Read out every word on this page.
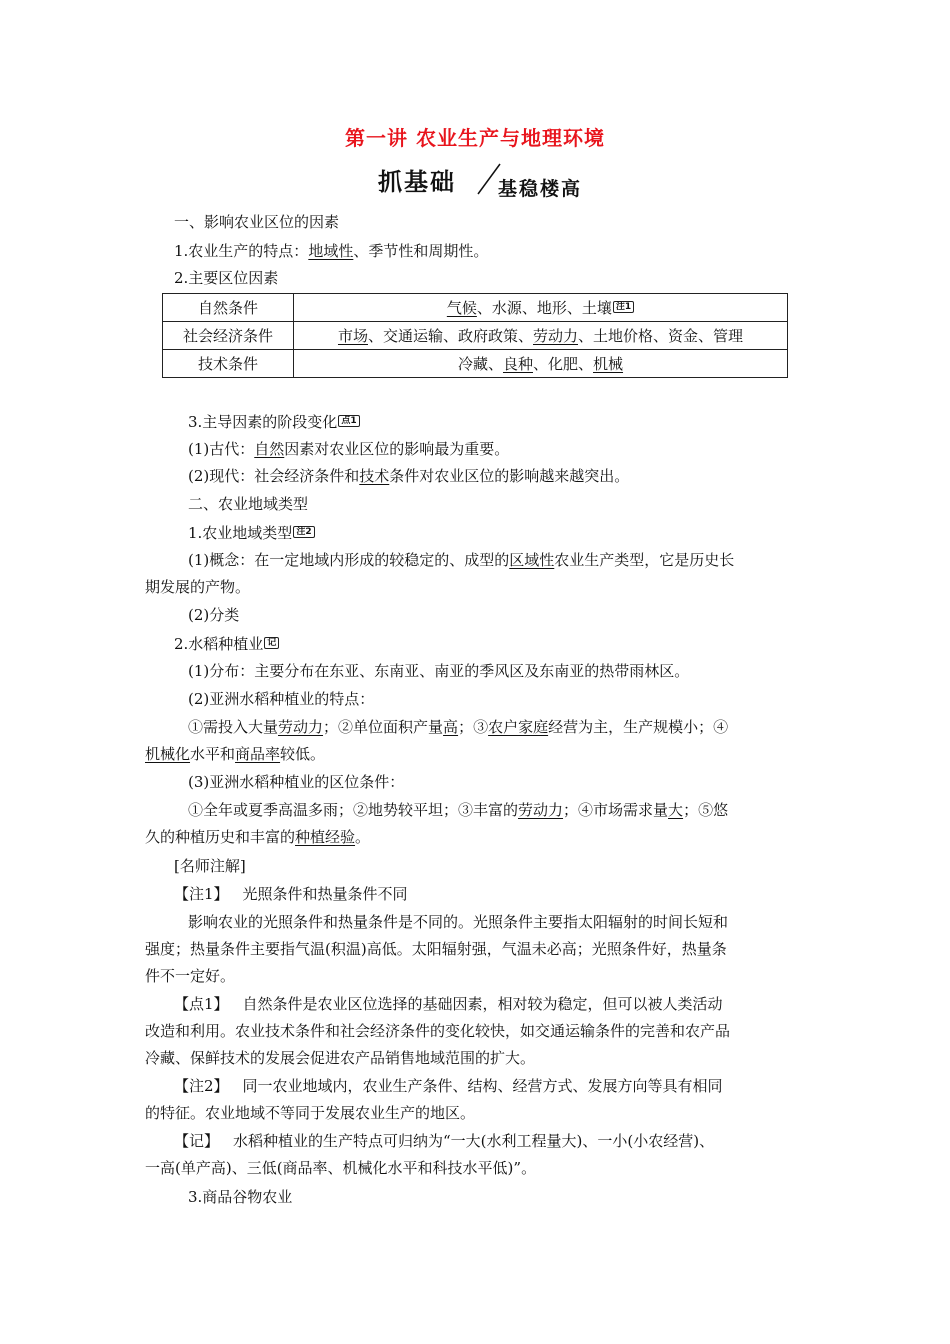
第一讲 农业生产与地理环境
抓基础 基稳楼高
一、影响农业区位的因素
1.农业生产的特点：地域性、季节性和周期性。
2.主要区位因素
自然条件	气候、水源、地形、土壤 $^{注1}$
社会经济条件	市场、交通运输、政府政策、劳动力、土地价格、资金、管理
技术条件	冷藏、良种、化肥、机械
3.主导因素的阶段变化 $^{点1}$
(1)古代：自然因素对农业区位的影响最为重要。
(2)现代：社会经济条件和技术条件对农业区位的影响越来越突出。
二、农业地域类型
1.农业地域类型 $^{注2}$
(1)概念：在一定地域内形成的较稳定的、成型的区域性农业生产类型，它是历史长
期发展的产物。
(2)分类
2.水稻种植业 $^记$
(1)分布：主要分布在东亚、东南亚、南亚的季风区及东南亚的热带雨林区。
(2)亚洲水稻种植业的特点：
①需投入大量劳动力；②单位面积产量高；③农户家庭经营为主，生产规模小；④
机械化水平和商品率较低。
(3)亚洲水稻种植业的区位条件：
①全年或夏季高温多雨；②地势较平坦；③丰富的劳动力；④市场需求量大；⑤悠
久的种植历史和丰富的种植经验。
[名师注解]
【注1】 光照条件和热量条件不同
影响农业的光照条件和热量条件是不同的。光照条件主要指太阳辐射的时间长短和
强度；热量条件主要指气温(积温)高低。太阳辐射强，气温未必高；光照条件好，热量条
件不一定好。
【点1】 自然条件是农业区位选择的基础因素，相对较为稳定，但可以被人类活动
改造和利用。农业技术条件和社会经济条件的变化较快，如交通运输条件的完善和农产品
冷藏、保鲜技术的发展会促进农产品销售地域范围的扩大。
【注2】 同一农业地域内，农业生产条件、结构、经营方式、发展方向等具有相同
的特征。农业地域不等同于发展农业生产的地区。
【记】 水稻种植业的生产特点可归纳为“一大(水利工程量大)、一小(小农经营)、
一高(单产高)、三低(商品率、机械化水平和科技水平低)”。
3.商品谷物农业
